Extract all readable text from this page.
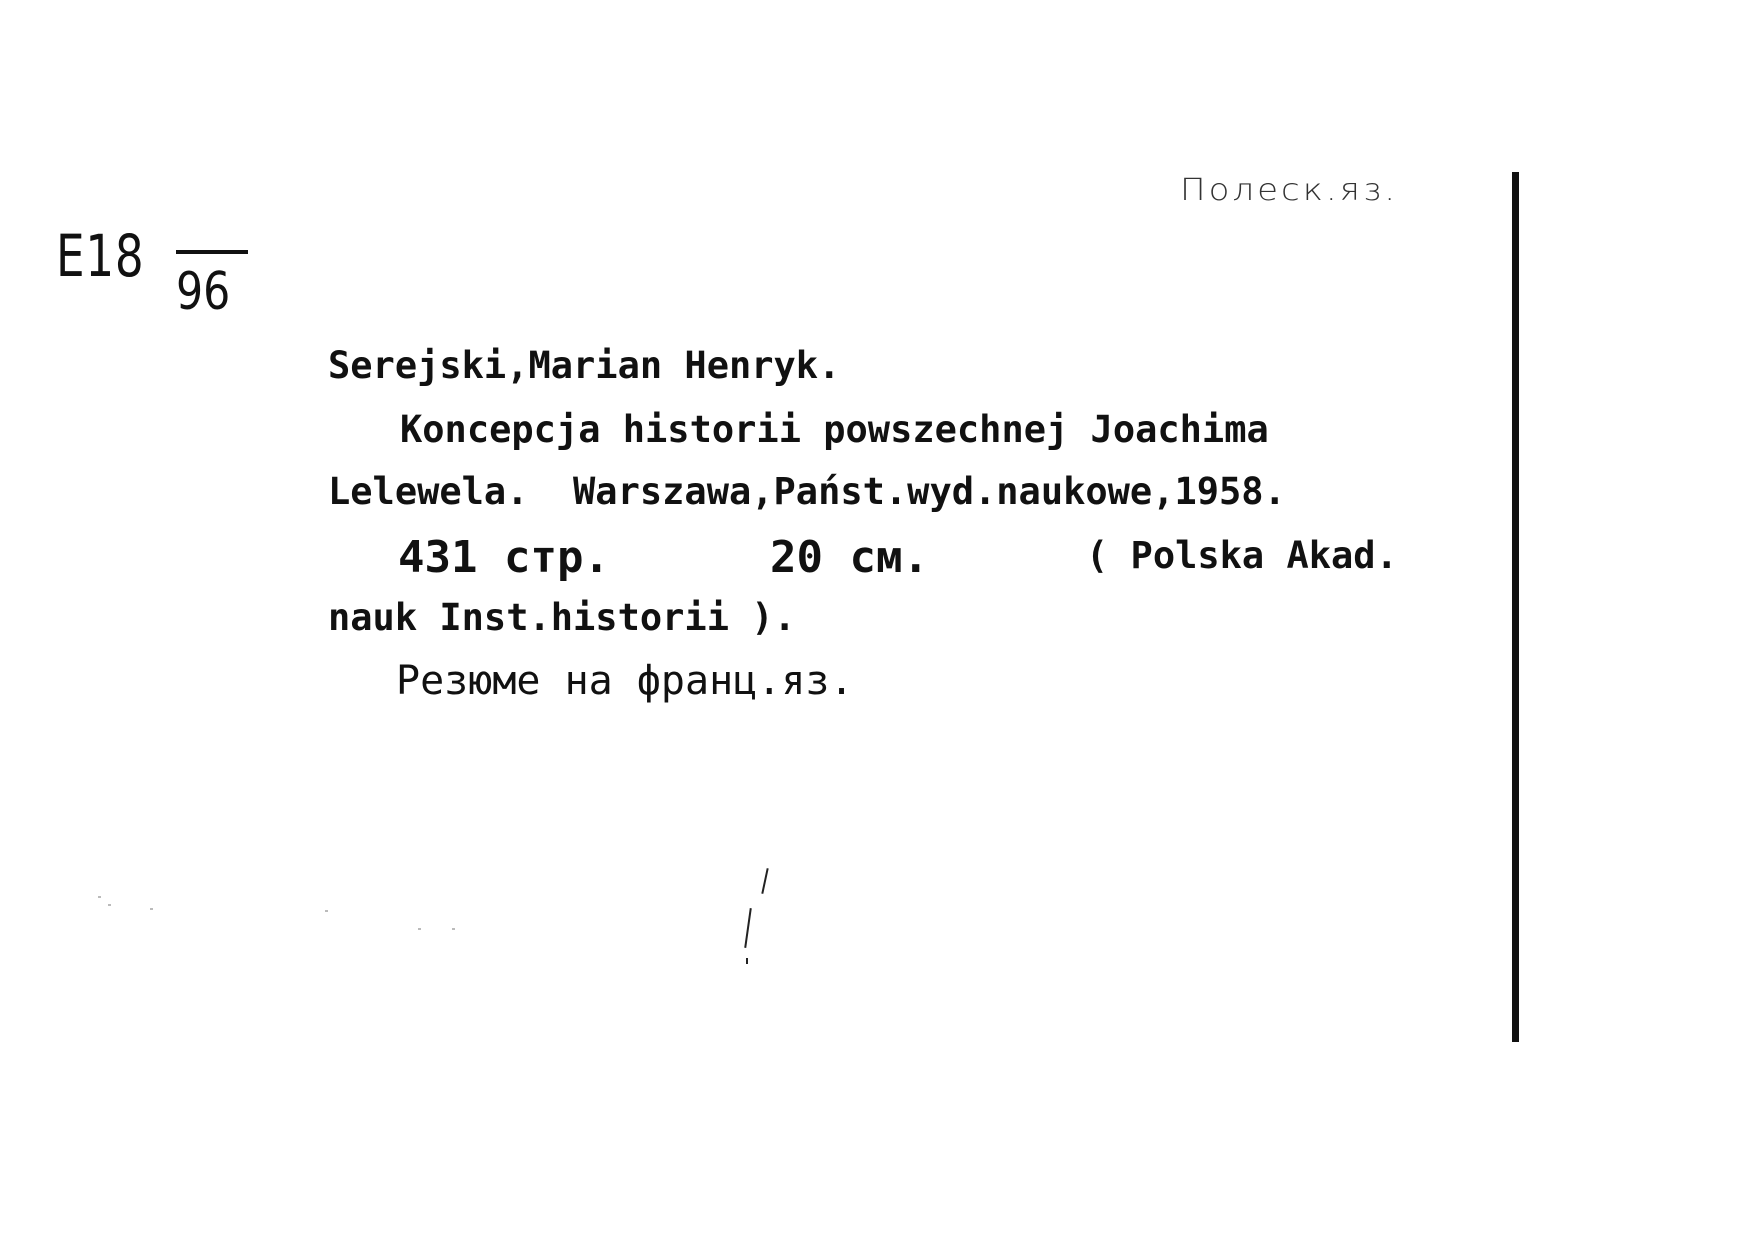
E18
96
Полеск.яз.
Serejski,Marian Henryk.
Koncepcja historii powszechnej Joachima
Lelewela.  Warszawa,Państ.wyd.naukowe,1958.
431 стр.	20 см.	( Polska Akad.
nauk Inst.historii ).
Резюме на франц.яз.
